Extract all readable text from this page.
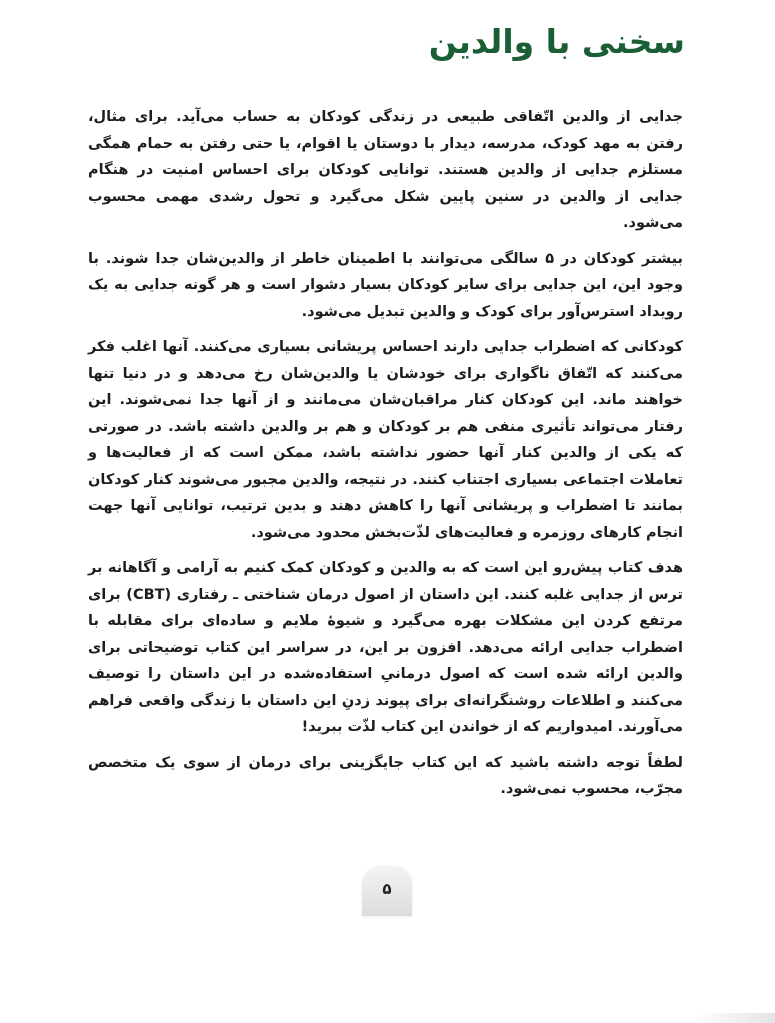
سخنی با والدین

جدایی از والدین اتّفاقی طبیعی در زندگی کودکان به حساب می‌آید. برای مثال، رفتن به مهد کودک، مدرسه، دیدار با دوستان یا اقوام، یا حتی رفتن به حمام همگی مستلزم جدایی از والدین هستند. توانایی کودکان برای احساس امنیت در هنگام جدایی از والدین در سنین پایین شکل می‌گیرد و تحول رشدی مهمی محسوب می‌شود.

بیشتر کودکان در ۵ سالگی می‌توانند با اطمینان خاطر از والدین‌شان جدا شوند. با وجود این، این جدایی برای سایر کودکان بسیار دشوار است و هر گونه جدایی به یک رویداد استرس‌آور برای کودک و والدین تبدیل می‌شود.

کودکانی که اضطراب جدایی دارند احساس پریشانی بسیاری می‌کنند. آنها اغلب فکر می‌کنند که اتّفاق ناگواری برای خودشان یا والدین‌شان رخ می‌دهد و در دنیا تنها خواهند ماند. این کودکان کنار مراقبان‌شان می‌مانند و از آنها جدا نمی‌شوند. این رفتار می‌تواند تأثیری منفی هم بر کودکان و هم بر والدین داشته باشد. در صورتی که یکی از والدین کنار آنها حضور نداشته باشد، ممکن است که از فعالیت‌ها و تعاملات اجتماعی بسیاری اجتناب کنند. در نتیجه، والدین مجبور می‌شوند کنار کودکان بمانند تا اضطراب و پریشانی آنها را کاهش دهند و بدین ترتیب، توانایی آنها جهت انجام کارهای روزمره و فعالیت‌های لذّت‌بخش محدود می‌شود.

هدف کتاب پیش‌رو این است که به والدین و کودکان کمک کنیم به آرامی و آگاهانه بر ترس از جدایی غلبه کنند. این داستان از اصول درمان شناختی ـ رفتاری (CBT) برای مرتفع کردن این مشکلات بهره می‌گیرد و شیوهٔ ملایم و ساده‌ای برای مقابله با اضطراب جدایی ارائه می‌دهد. افزون بر این، در سراسر این کتاب توضیحاتی برای والدین ارائه شده است که اصول درمانیِ استفاده‌شده در این داستان را توصیف می‌کنند و اطلاعات روشنگرانه‌ای برای پیوند زدنِ این داستان با زندگی واقعی فراهم می‌آورند. امیدواریم که از خواندن این کتاب لذّت ببرید!

لطفاً توجه داشته باشید که این کتاب جایگزینی برای درمان از سوی یک متخصص مجرّب، محسوب نمی‌شود.

۵
